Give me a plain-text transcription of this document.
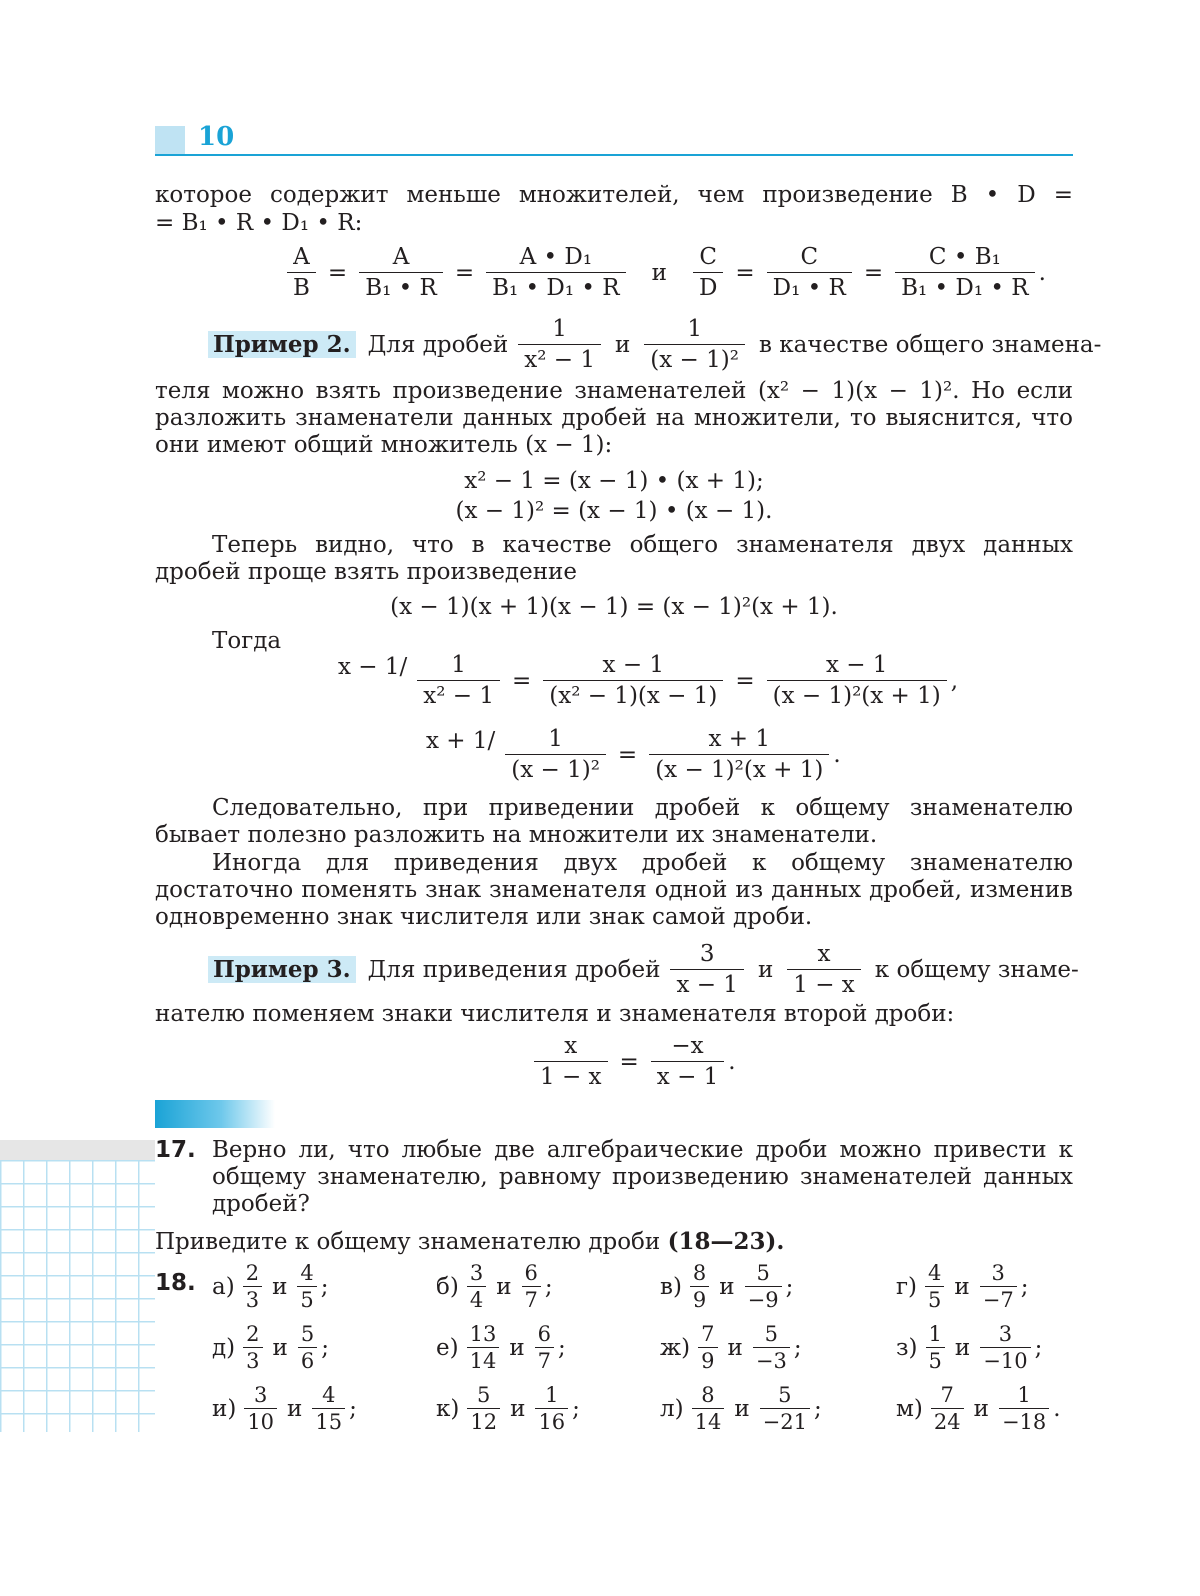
10
которое содержит меньше множителей, чем произведение B • D =
= B₁ • R • D₁ • R:
$\frac{A}{B} = \frac{A}{\text{B₁ • R}} = \frac{\text{A • D₁}}{\text{B₁ • D₁ • R}}$ и $\frac{C}{D} = \frac{C}{\text{D₁ • R}} = \frac{\text{C • B₁}}{\text{B₁ • D₁ • R}}$ .
Пример 2. Для дробей $\frac{1}{\text{x² − 1}}$ и $\frac{1}{\text{(x − 1)²}}$ в качестве общего знамена-
теля можно взять произведение знаменателей (x² − 1)(x − 1)². Но если разложить знаменатели данных дробей на множители, то выяснится, что они имеют общий множитель (x − 1):
x² − 1 = (x − 1) • (x + 1);
(x − 1)² = (x − 1) • (x − 1).
Теперь видно, что в качестве общего знаменателя двух данных дробей проще взять произведение
(x − 1)(x + 1)(x − 1) = (x − 1)²(x + 1).
Тогда
$x - 1/ \frac{1}{\text{x² − 1}} = \frac{x - 1}{\text{(x² − 1)(x − 1)}} = \frac{x - 1}{\text{(x − 1)²(x + 1)}}$ ,
$x + 1/ \frac{1}{\text{(x − 1)²}} = \frac{x + 1}{\text{(x − 1)²(x + 1)}}$ .
Следовательно, при приведении дробей к общему знаменателю бывает полезно разложить на множители их знаменатели.
Иногда для приведения двух дробей к общему знаменателю достаточно поменять знак знаменателя одной из данных дробей, изменив одновременно знак числителя или знак самой дроби.
Пример 3. Для приведения дробей $\frac{3}{x - 1}$ и $\frac{x}{1 - x}$ к общему знаме-
нателю поменяем знаки числителя и знаменателя второй дроби:
$\frac{x}{1 - x} = \frac{-x}{x - 1}$ .
17. Верно ли, что любые две алгебраические дроби можно привести к общему знаменателю, равному произведению знаменателей данных дробей?
Приведите к общему знаменателю дроби (18—23).
18. $а) \frac{2}{3}$ и $\frac{4}{5}$ ;	$б) \frac{3}{4}$ и $\frac{6}{7}$ ;	$в) \frac{8}{9}$ и $\frac{5}{-9}$ ;	$г) \frac{4}{5}$ и $\frac{3}{-7}$ ;
$д) \frac{2}{3}$ и $\frac{5}{6}$ ;	$е) \frac{13}{14}$ и $\frac{6}{7}$ ;	$ж) \frac{7}{9}$ и $\frac{5}{-3}$ ;	$з) \frac{1}{5}$ и $\frac{3}{-10}$ ;
$и) \frac{3}{10}$ и $\frac{4}{15}$ ;	$к) \frac{5}{12}$ и $\frac{1}{16}$ ;	$л) \frac{8}{14}$ и $\frac{5}{-21}$ ;	$м) \frac{7}{24}$ и $\frac{1}{-18}$ .
